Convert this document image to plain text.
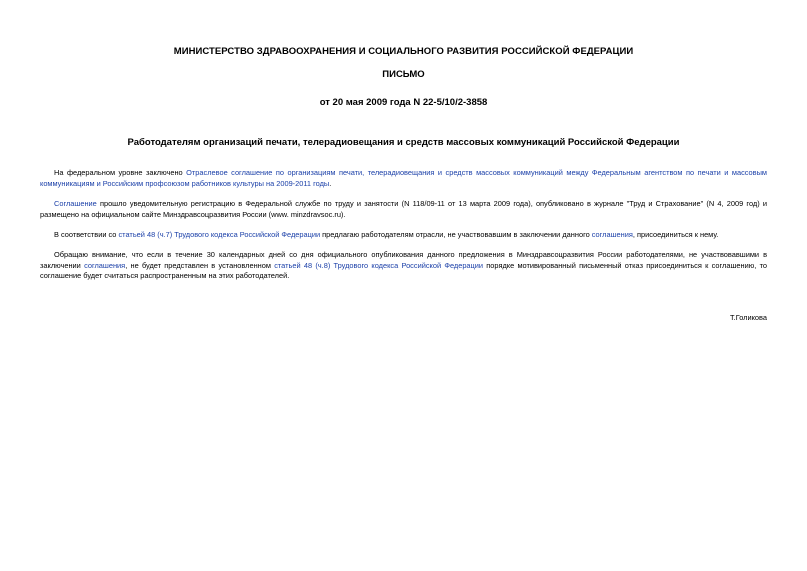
МИНИСТЕРСТВО ЗДРАВООХРАНЕНИЯ И СОЦИАЛЬНОГО РАЗВИТИЯ РОССИЙСКОЙ ФЕДЕРАЦИИ
ПИСЬМО
от 20 мая 2009 года N 22-5/10/2-3858
Работодателям организаций печати, телерадиовещания и средств массовых коммуникаций Российской Федерации
На федеральном уровне заключено Отраслевое соглашение по организациям печати, телерадиовещания и средств массовых коммуникаций между Федеральным агентством по печати и массовым коммуникациям и Российским профсоюзом работников культуры на 2009-2011 годы.
Соглашение прошло уведомительную регистрацию в Федеральной службе по труду и занятости (N 118/09-11 от 13 марта 2009 года), опубликовано в журнале "Труд и Страхование" (N 4, 2009 год) и размещено на официальном сайте Минздравсоцразвития России (www. minzdravsoc.ru).
В соответствии со статьей 48 (ч.7) Трудового кодекса Российской Федерации предлагаю работодателям отрасли, не участвовавшим в заключении данного соглашения, присоединиться к нему.
Обращаю внимание, что если в течение 30 календарных дней со дня официального опубликования данного предложения в Минздравсоцразвития России работодателями, не участвовавшими в заключении соглашения, не будет представлен в установленном статьей 48 (ч.8) Трудового кодекса Российской Федерации порядке мотивированный письменный отказ присоединиться к соглашению, то соглашение будет считаться распространенным на этих работодателей.
Т.Голикова
